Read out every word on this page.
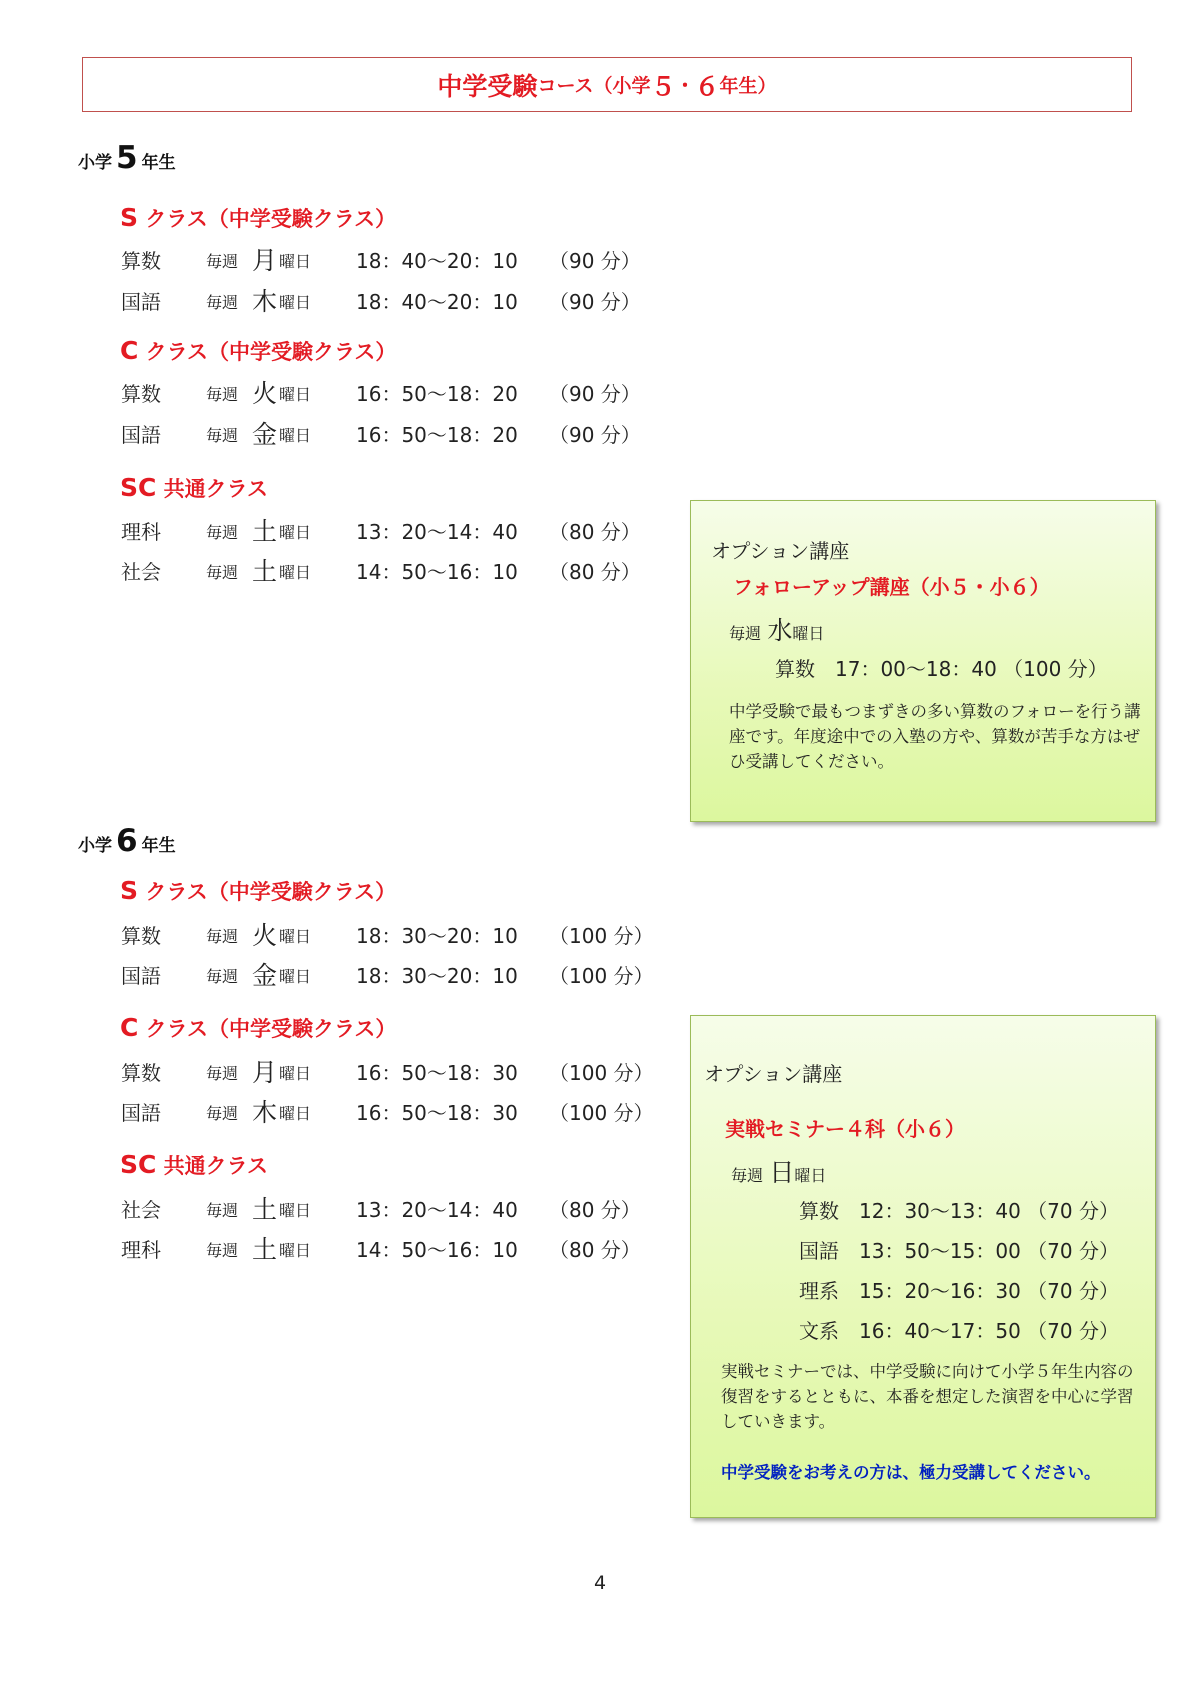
中学受験 コース（小学 ５ ・ ６ 年生）
小学 5 年生
S クラス（中学受験クラス）
算数	毎週 月 曜日 18：40～20：10 （90 分）
国語	毎週 木 曜日 18：40～20：10 （90 分）
C クラス（中学受験クラス）
算数	毎週 火 曜日 16：50～18：20 （90 分）
国語	毎週 金 曜日 16：50～18：20 （90 分）
SC 共通クラス
理科	毎週 土 曜日 13：20～14：40 （80 分）
社会	毎週 土 曜日 14：50～16：10 （80 分）
オプション講座
フォローアップ講座（小５・小６）
毎週 水曜日
算数　17：00～18：40 （100 分）
中学受験で最もつまずきの多い算数のフォローを行う講座です。年度途中での入塾の方や、算数が苦手な方はぜひ受講してください。
小学 6 年生
S クラス（中学受験クラス）
算数	毎週 火 曜日 18：30～20：10 （100 分）
国語	毎週 金 曜日 18：30～20：10 （100 分）
C クラス（中学受験クラス）
算数	毎週 月 曜日 16：50～18：30 （100 分）
国語	毎週 木 曜日 16：50～18：30 （100 分）
SC 共通クラス
社会	毎週 土 曜日 13：20～14：40 （80 分）
理科	毎週 土 曜日 14：50～16：10 （80 分）
オプション講座
実戦セミナー４科（小６）
毎週 日曜日
算数　12：30～13：40 （70 分）
国語　13：50～15：00 （70 分）
理系　15：20～16：30 （70 分）
文系　16：40～17：50 （70 分）
実戦セミナーでは、中学受験に向けて小学５年生内容の復習をするとともに、本番を想定した演習を中心に学習していきます。
中学受験をお考えの方は、極力受講してください。
4
